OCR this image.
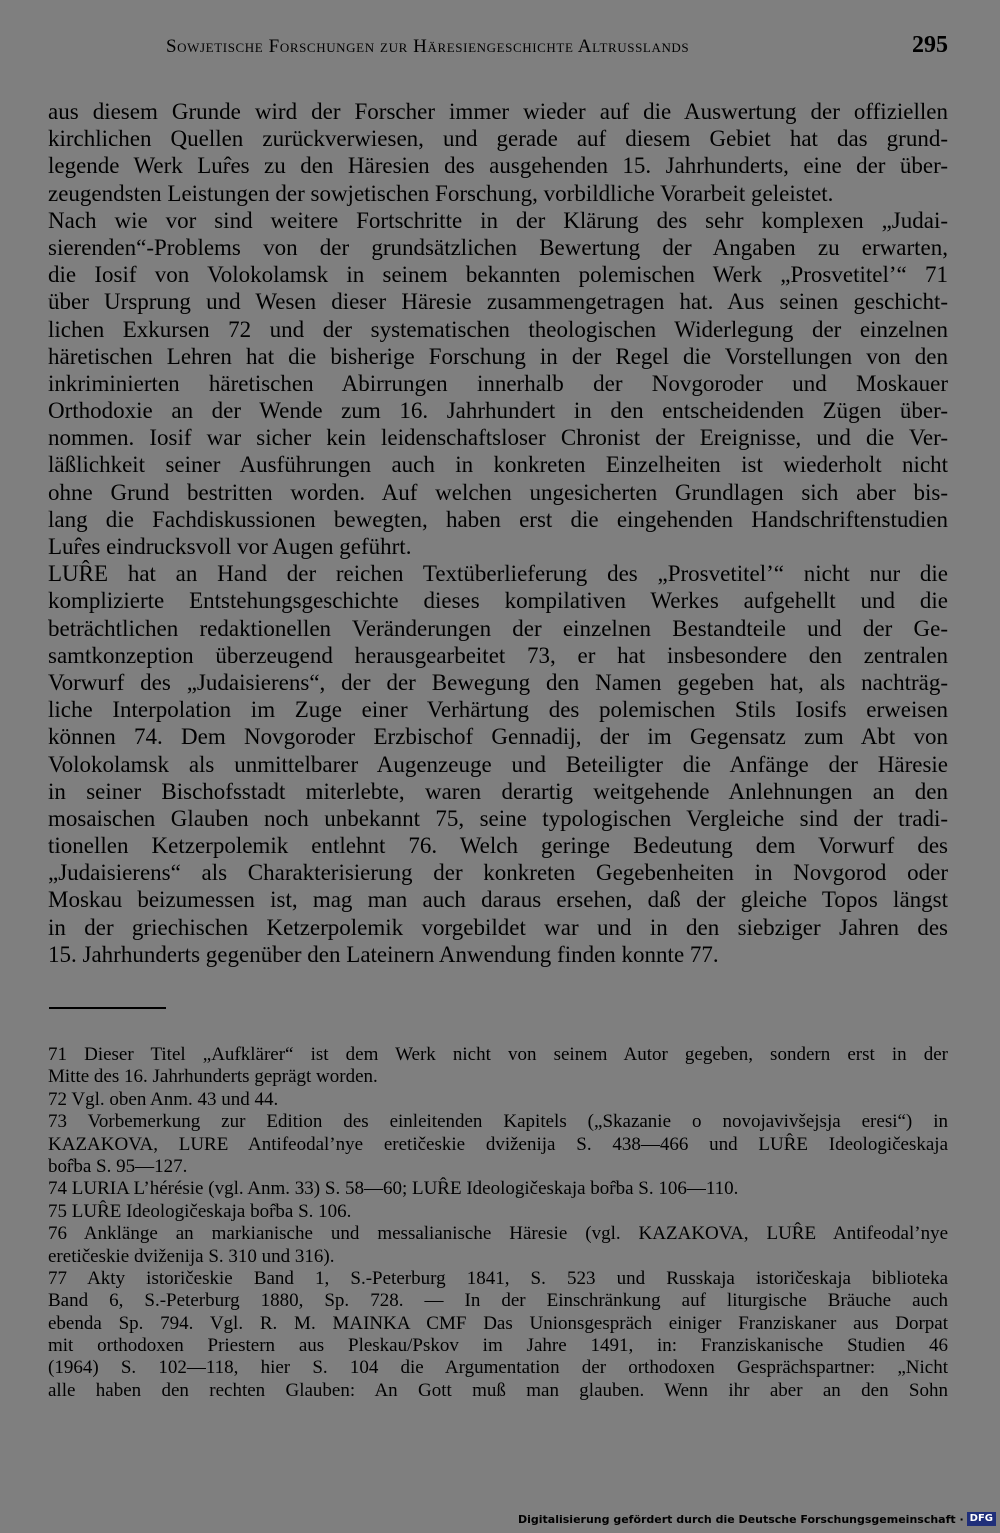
Sowjetische Forschungen zur Häresiengeschichte Altrusslands	295
aus diesem Grunde wird der Forscher immer wieder auf die Auswertung der offiziellen
kirchlichen Quellen zurückverwiesen, und gerade auf diesem Gebiet hat das grund-
legende Werk Lur̂es zu den Häresien des ausgehenden 15. Jahrhunderts, eine der über-
zeugendsten Leistungen der sowjetischen Forschung, vorbildliche Vorarbeit geleistet.
Nach wie vor sind weitere Fortschritte in der Klärung des sehr komplexen „Judai-
sierenden“-Problems von der grundsätzlichen Bewertung der Angaben zu erwarten,
die Iosif von Volokolamsk in seinem bekannten polemischen Werk „Prosvetitel’“ 71
über Ursprung und Wesen dieser Häresie zusammengetragen hat. Aus seinen geschicht-
lichen Exkursen 72 und der systematischen theologischen Widerlegung der einzelnen
häretischen Lehren hat die bisherige Forschung in der Regel die Vorstellungen von den
inkriminierten häretischen Abirrungen innerhalb der Novgoroder und Moskauer
Orthodoxie an der Wende zum 16. Jahrhundert in den entscheidenden Zügen über-
nommen. Iosif war sicher kein leidenschaftsloser Chronist der Ereignisse, und die Ver-
läßlichkeit seiner Ausführungen auch in konkreten Einzelheiten ist wiederholt nicht
ohne Grund bestritten worden. Auf welchen ungesicherten Grundlagen sich aber bis-
lang die Fachdiskussionen bewegten, haben erst die eingehenden Handschriftenstudien
Lur̂es eindrucksvoll vor Augen geführt.
LUR̂E hat an Hand der reichen Textüberlieferung des „Prosvetitel’“ nicht nur die
komplizierte Entstehungsgeschichte dieses kompilativen Werkes aufgehellt und die
beträchtlichen redaktionellen Veränderungen der einzelnen Bestandteile und der Ge-
samtkonzeption überzeugend herausgearbeitet 73, er hat insbesondere den zentralen
Vorwurf des „Judaisierens“, der der Bewegung den Namen gegeben hat, als nachträg-
liche Interpolation im Zuge einer Verhärtung des polemischen Stils Iosifs erweisen
können 74. Dem Novgoroder Erzbischof Gennadij, der im Gegensatz zum Abt von
Volokolamsk als unmittelbarer Augenzeuge und Beteiligter die Anfänge der Häresie
in seiner Bischofsstadt miterlebte, waren derartig weitgehende Anlehnungen an den
mosaischen Glauben noch unbekannt 75, seine typologischen Vergleiche sind der tradi-
tionellen Ketzerpolemik entlehnt 76. Welch geringe Bedeutung dem Vorwurf des
„Judaisierens“ als Charakterisierung der konkreten Gegebenheiten in Novgorod oder
Moskau beizumessen ist, mag man auch daraus ersehen, daß der gleiche Topos längst
in der griechischen Ketzerpolemik vorgebildet war und in den siebziger Jahren des
15. Jahrhunderts gegenüber den Lateinern Anwendung finden konnte 77.
71 Dieser Titel „Aufklärer“ ist dem Werk nicht von seinem Autor gegeben, sondern erst in der
Mitte des 16. Jahrhunderts geprägt worden.
72 Vgl. oben Anm. 43 und 44.
73 Vorbemerkung zur Edition des einleitenden Kapitels („Skazanie o novojavivšejsja eresi“) in
KAZAKOVA, LURE Antifeodal’nye eretičeskie dviženija S. 438—466 und LUR̂E Ideologičeskaja
bor̂ba S. 95—127.
74 LURIA L’hérésie (vgl. Anm. 33) S. 58—60; LUR̂E Ideologičeskaja bor̂ba S. 106—110.
75 LUR̂E Ideologičeskaja bor̂ba S. 106.
76 Anklänge an markianische und messalianische Häresie (vgl. KAZAKOVA, LUR̂E Antifeodal’nye
eretičeskie dviženija S. 310 und 316).
77 Akty istoričeskie Band 1, S.-Peterburg 1841, S. 523 und Russkaja istoričeskaja biblioteka
Band 6, S.-Peterburg 1880, Sp. 728. — In der Einschränkung auf liturgische Bräuche auch
ebenda Sp. 794. Vgl. R. M. MAINKA CMF Das Unionsgespräch einiger Franziskaner aus Dorpat
mit orthodoxen Priestern aus Pleskau/Pskov im Jahre 1491, in: Franziskanische Studien 46
(1964) S. 102—118, hier S. 104 die Argumentation der orthodoxen Gesprächspartner: „Nicht
alle haben den rechten Glauben: An Gott muß man glauben. Wenn ihr aber an den Sohn
Digitalisierung gefördert durch die Deutsche Forschungsgemeinschaft · DFG
